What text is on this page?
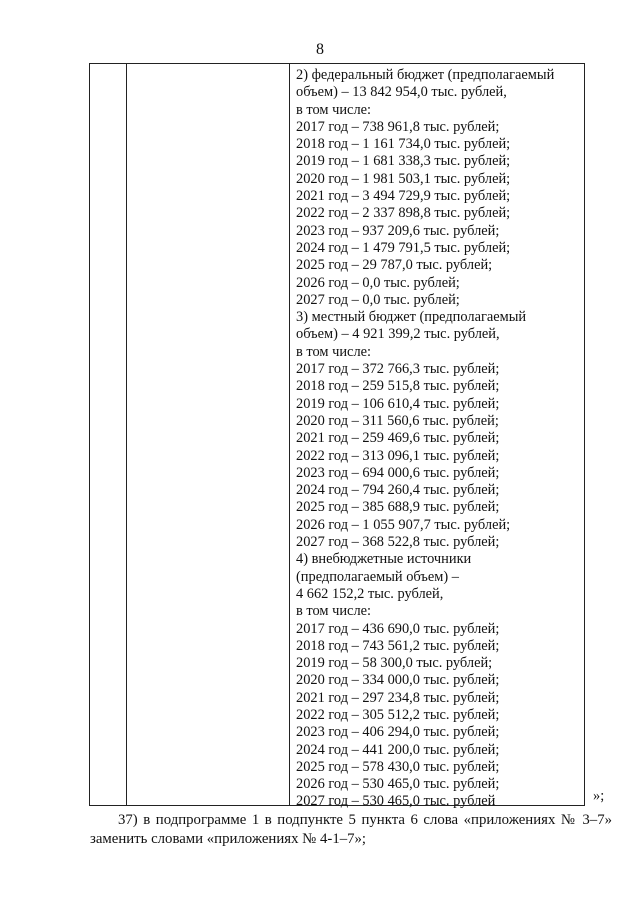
8
2) федеральный бюджет (предполагаемый
объем) – 13 842 954,0 тыс. рублей,
в том числе:
2017 год – 738 961,8 тыс. рублей;
2018 год – 1 161 734,0 тыс. рублей;
2019 год – 1 681 338,3 тыс. рублей;
2020 год – 1 981 503,1 тыс. рублей;
2021 год – 3 494 729,9 тыс. рублей;
2022 год – 2 337 898,8 тыс. рублей;
2023 год – 937 209,6 тыс. рублей;
2024 год – 1 479 791,5 тыс. рублей;
2025 год – 29 787,0 тыс. рублей;
2026 год – 0,0 тыс. рублей;
2027 год – 0,0 тыс. рублей;
3) местный бюджет (предполагаемый
объем) – 4 921 399,2 тыс. рублей,
в том числе:
2017 год – 372 766,3 тыс. рублей;
2018 год – 259 515,8 тыс. рублей;
2019 год – 106 610,4 тыс. рублей;
2020 год – 311 560,6 тыс. рублей;
2021 год – 259 469,6 тыс. рублей;
2022 год – 313 096,1 тыс. рублей;
2023 год – 694 000,6 тыс. рублей;
2024 год – 794 260,4 тыс. рублей;
2025 год – 385 688,9 тыс. рублей;
2026 год – 1 055 907,7 тыс. рублей;
2027 год – 368 522,8 тыс. рублей;
4) внебюджетные источники
(предполагаемый объем) –
4 662 152,2 тыс. рублей,
в том числе:
2017 год – 436 690,0 тыс. рублей;
2018 год – 743 561,2 тыс. рублей;
2019 год – 58 300,0 тыс. рублей;
2020 год – 334 000,0 тыс. рублей;
2021 год – 297 234,8 тыс. рублей;
2022 год – 305 512,2 тыс. рублей;
2023 год – 406 294,0 тыс. рублей;
2024 год – 441 200,0 тыс. рублей;
2025 год – 578 430,0 тыс. рублей;
2026 год – 530 465,0 тыс. рублей;
2027 год – 530 465,0 тыс. рублей	»;
37) в подпрограмме 1 в подпункте 5 пункта 6 слова «приложениях № 3–7»
заменить словами «приложениях № 4-1–7»;
